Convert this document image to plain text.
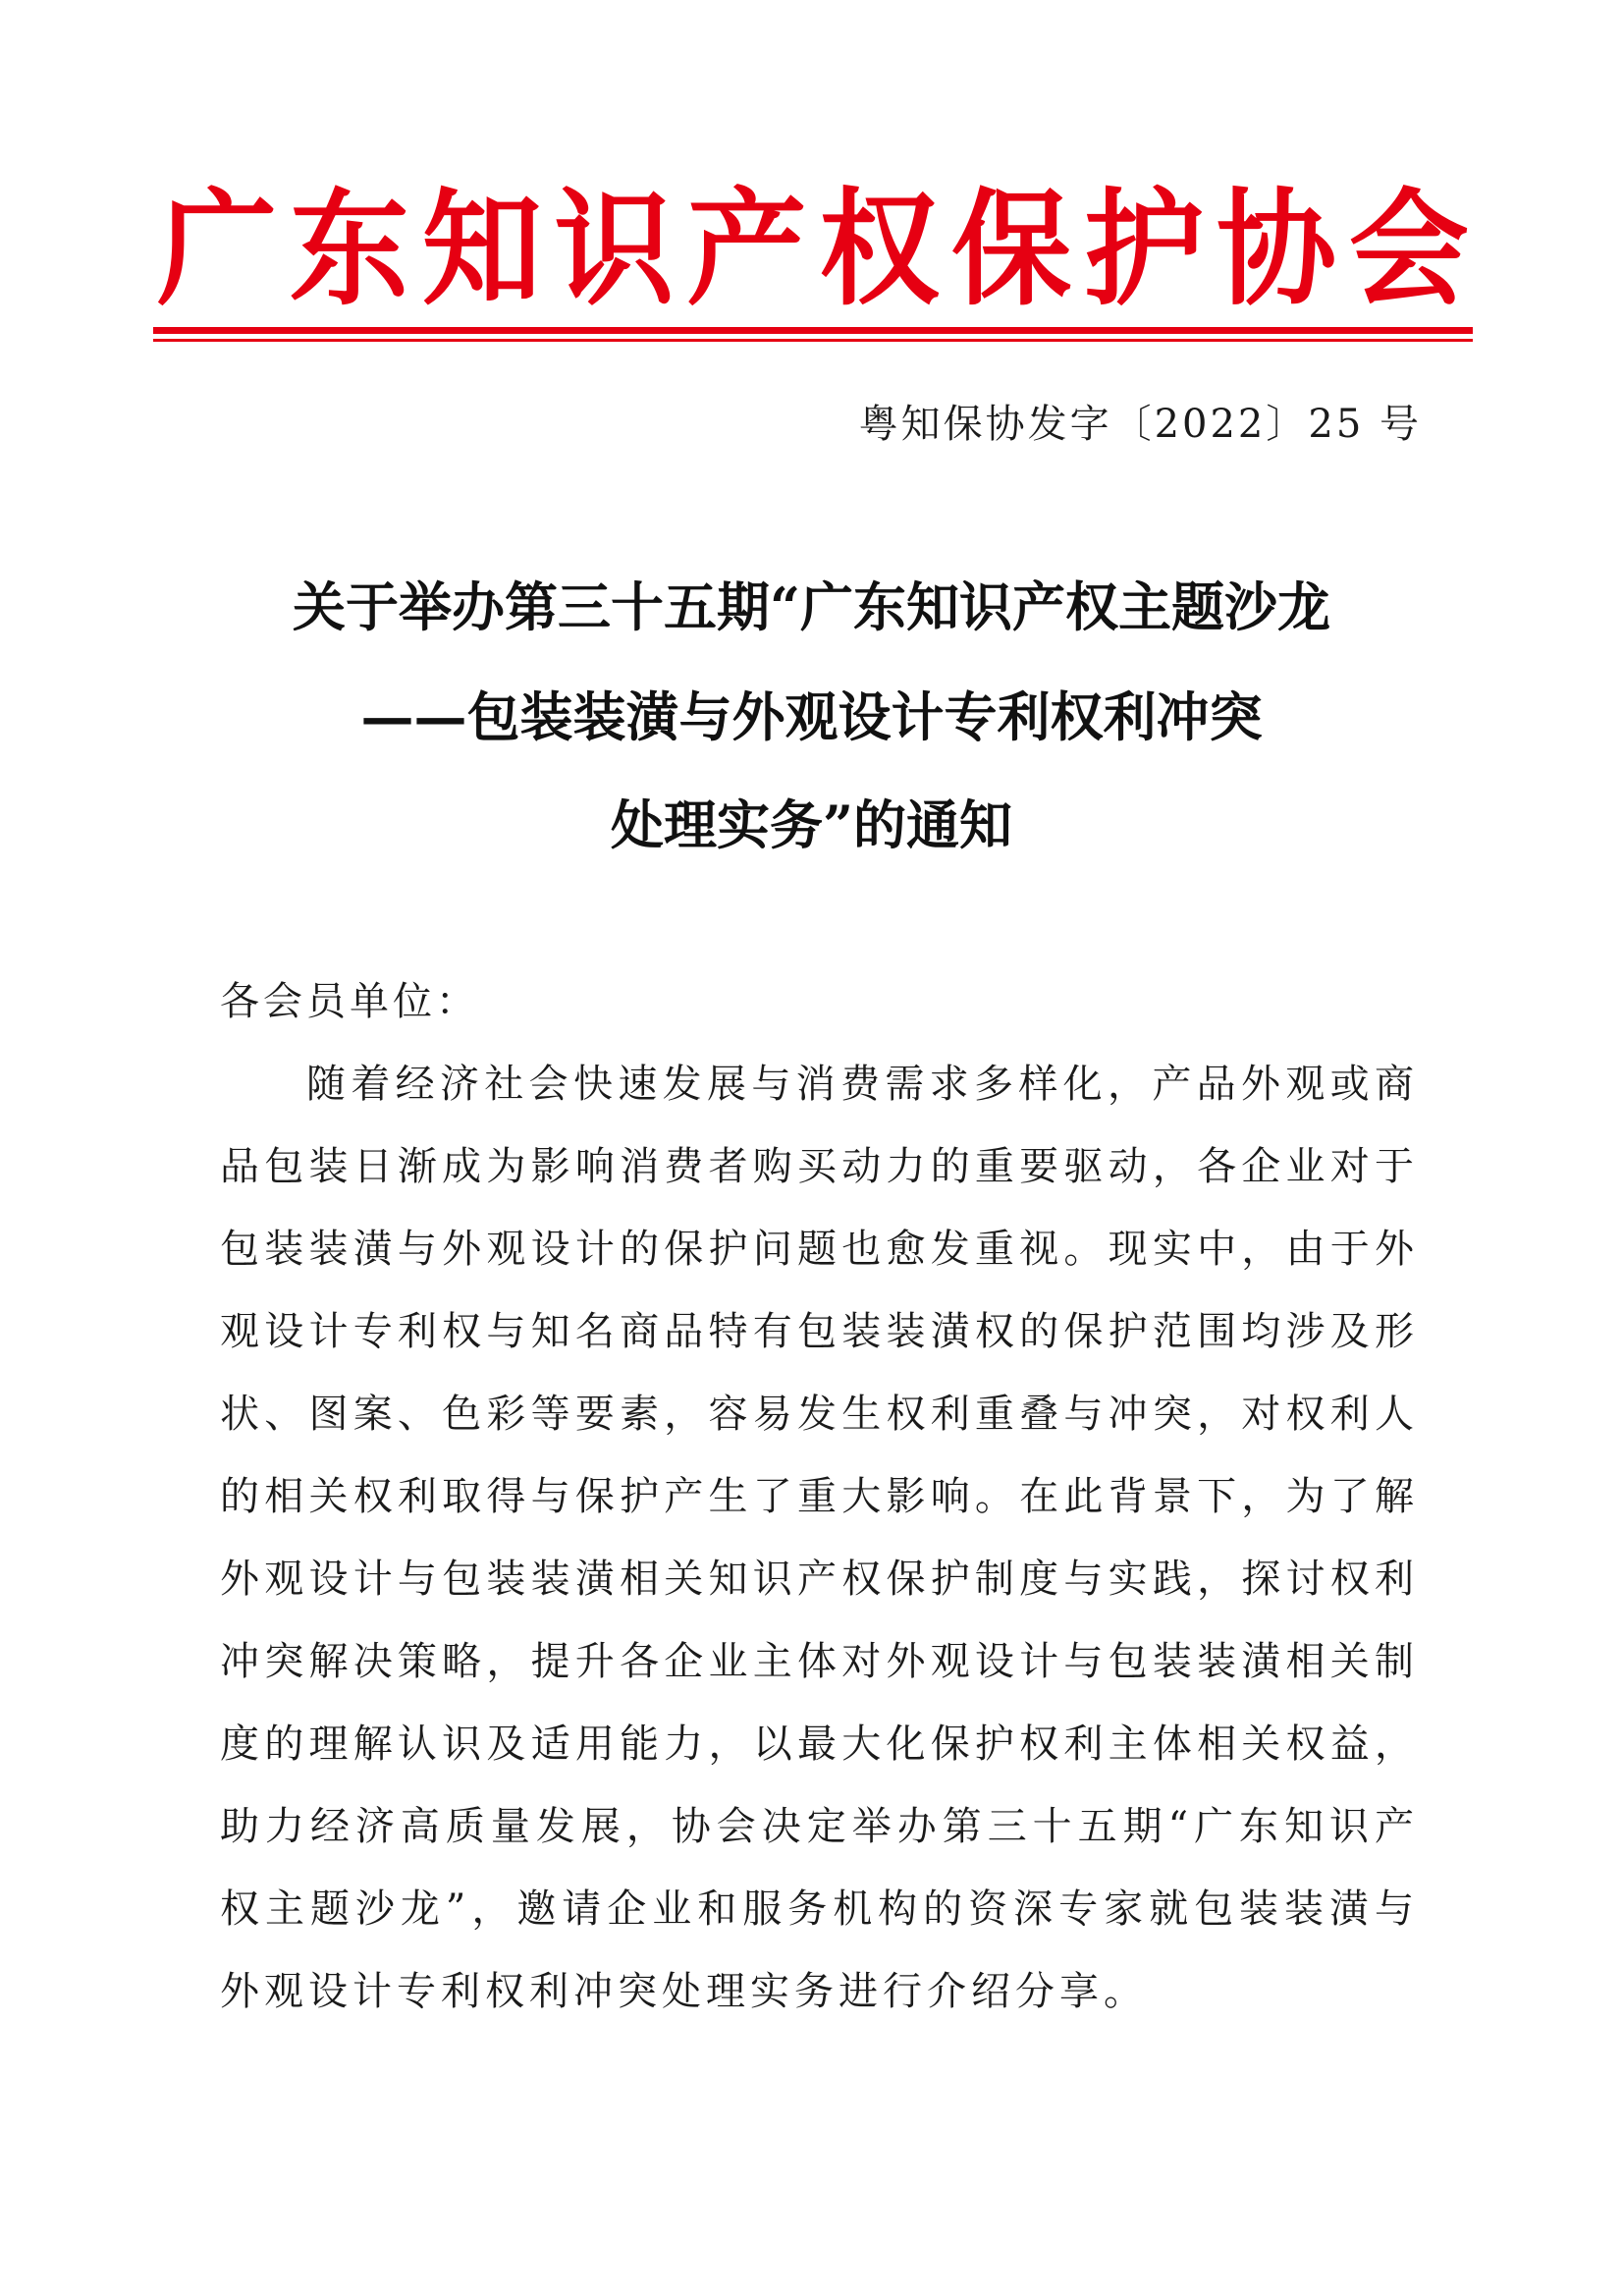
广 东 知 识 产 权 保 护 协 会
粤知保协发字〔2022〕25 号
关于举办第三十五期“广东知识产权主题沙龙
——包装装潢与外观设计专利权利冲突
处理实务”的通知
各会员单位：
随着经济社会快速发展与消费需求多样化，产品外观或商
品包装日渐成为影响消费者购买动力的重要驱动，各企业对于
包装装潢与外观设计的保护问题也愈发重视。现实中，由于外
观设计专利权与知名商品特有包装装潢权的保护范围均涉及形
状、图案、色彩等要素，容易发生权利重叠与冲突，对权利人
的相关权利取得与保护产生了重大影响。在此背景下，为了解
外观设计与包装装潢相关知识产权保护制度与实践，探讨权利
冲突解决策略，提升各企业主体对外观设计与包装装潢相关制
度的理解认识及适用能力，以最大化保护权利主体相关权益，
助力经济高质量发展，协会决定举办第三十五期“广东知识产
权主题沙龙”，邀请企业和服务机构的资深专家就包装装潢与
外观设计专利权利冲突处理实务进行介绍分享。
